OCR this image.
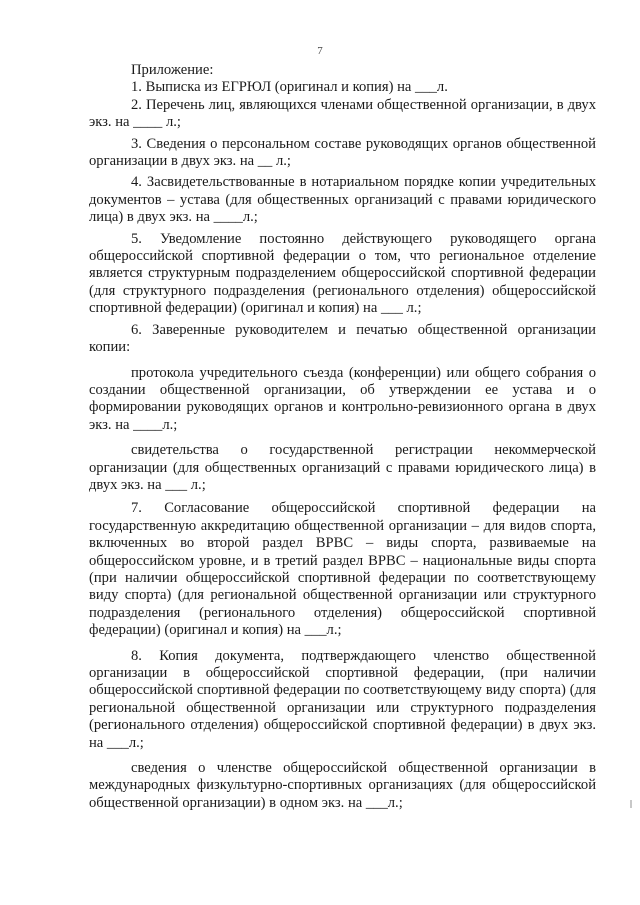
7

Приложение:

1. Выписка из ЕГРЮЛ (оригинал и копия) на ___л.

2. Перечень лиц, являющихся членами общественной организации, в двух экз. на ____ л.;

3. Сведения о персональном составе руководящих органов общественной организации в двух экз. на __ л.;

4. Засвидетельствованные в нотариальном порядке копии учредительных документов – устава (для общественных организаций с правами юридического лица) в двух экз. на ____л.;

5. Уведомление постоянно действующего руководящего органа общероссийской спортивной федерации о том, что региональное отделение является структурным подразделением общероссийской спортивной федерации (для структурного подразделения (регионального отделения) общероссийской спортивной федерации) (оригинал и копия) на ___ л.;

6. Заверенные руководителем и печатью общественной организации копии:

протокола учредительного съезда (конференции) или общего собрания о создании общественной организации, об утверждении ее устава и о формировании руководящих органов и контрольно-ревизионного органа в двух экз. на ____л.;

свидетельства о государственной регистрации некоммерческой организации (для общественных организаций с правами юридического лица) в двух экз. на ___ л.;

7. Согласование общероссийской спортивной федерации на государственную аккредитацию общественной организации – для видов спорта, включенных во второй раздел ВРВС – виды спорта, развиваемые на общероссийском уровне, и в третий раздел ВРВС – национальные виды спорта (при наличии общероссийской спортивной федерации по соответствующему виду спорта) (для региональной общественной организации или структурного подразделения (регионального отделения) общероссийской спортивной федерации) (оригинал и копия) на ___л.;

8. Копия документа, подтверждающего членство общественной организации в общероссийской спортивной федерации, (при наличии общероссийской спортивной федерации по соответствующему виду спорта) (для региональной общественной организации или структурного подразделения (регионального отделения) общероссийской спортивной федерации) в двух экз. на ___л.;

сведения о членстве общероссийской общественной организации в международных физкультурно-спортивных организациях (для общероссийской общественной организации) в одном экз. на ___л.;
